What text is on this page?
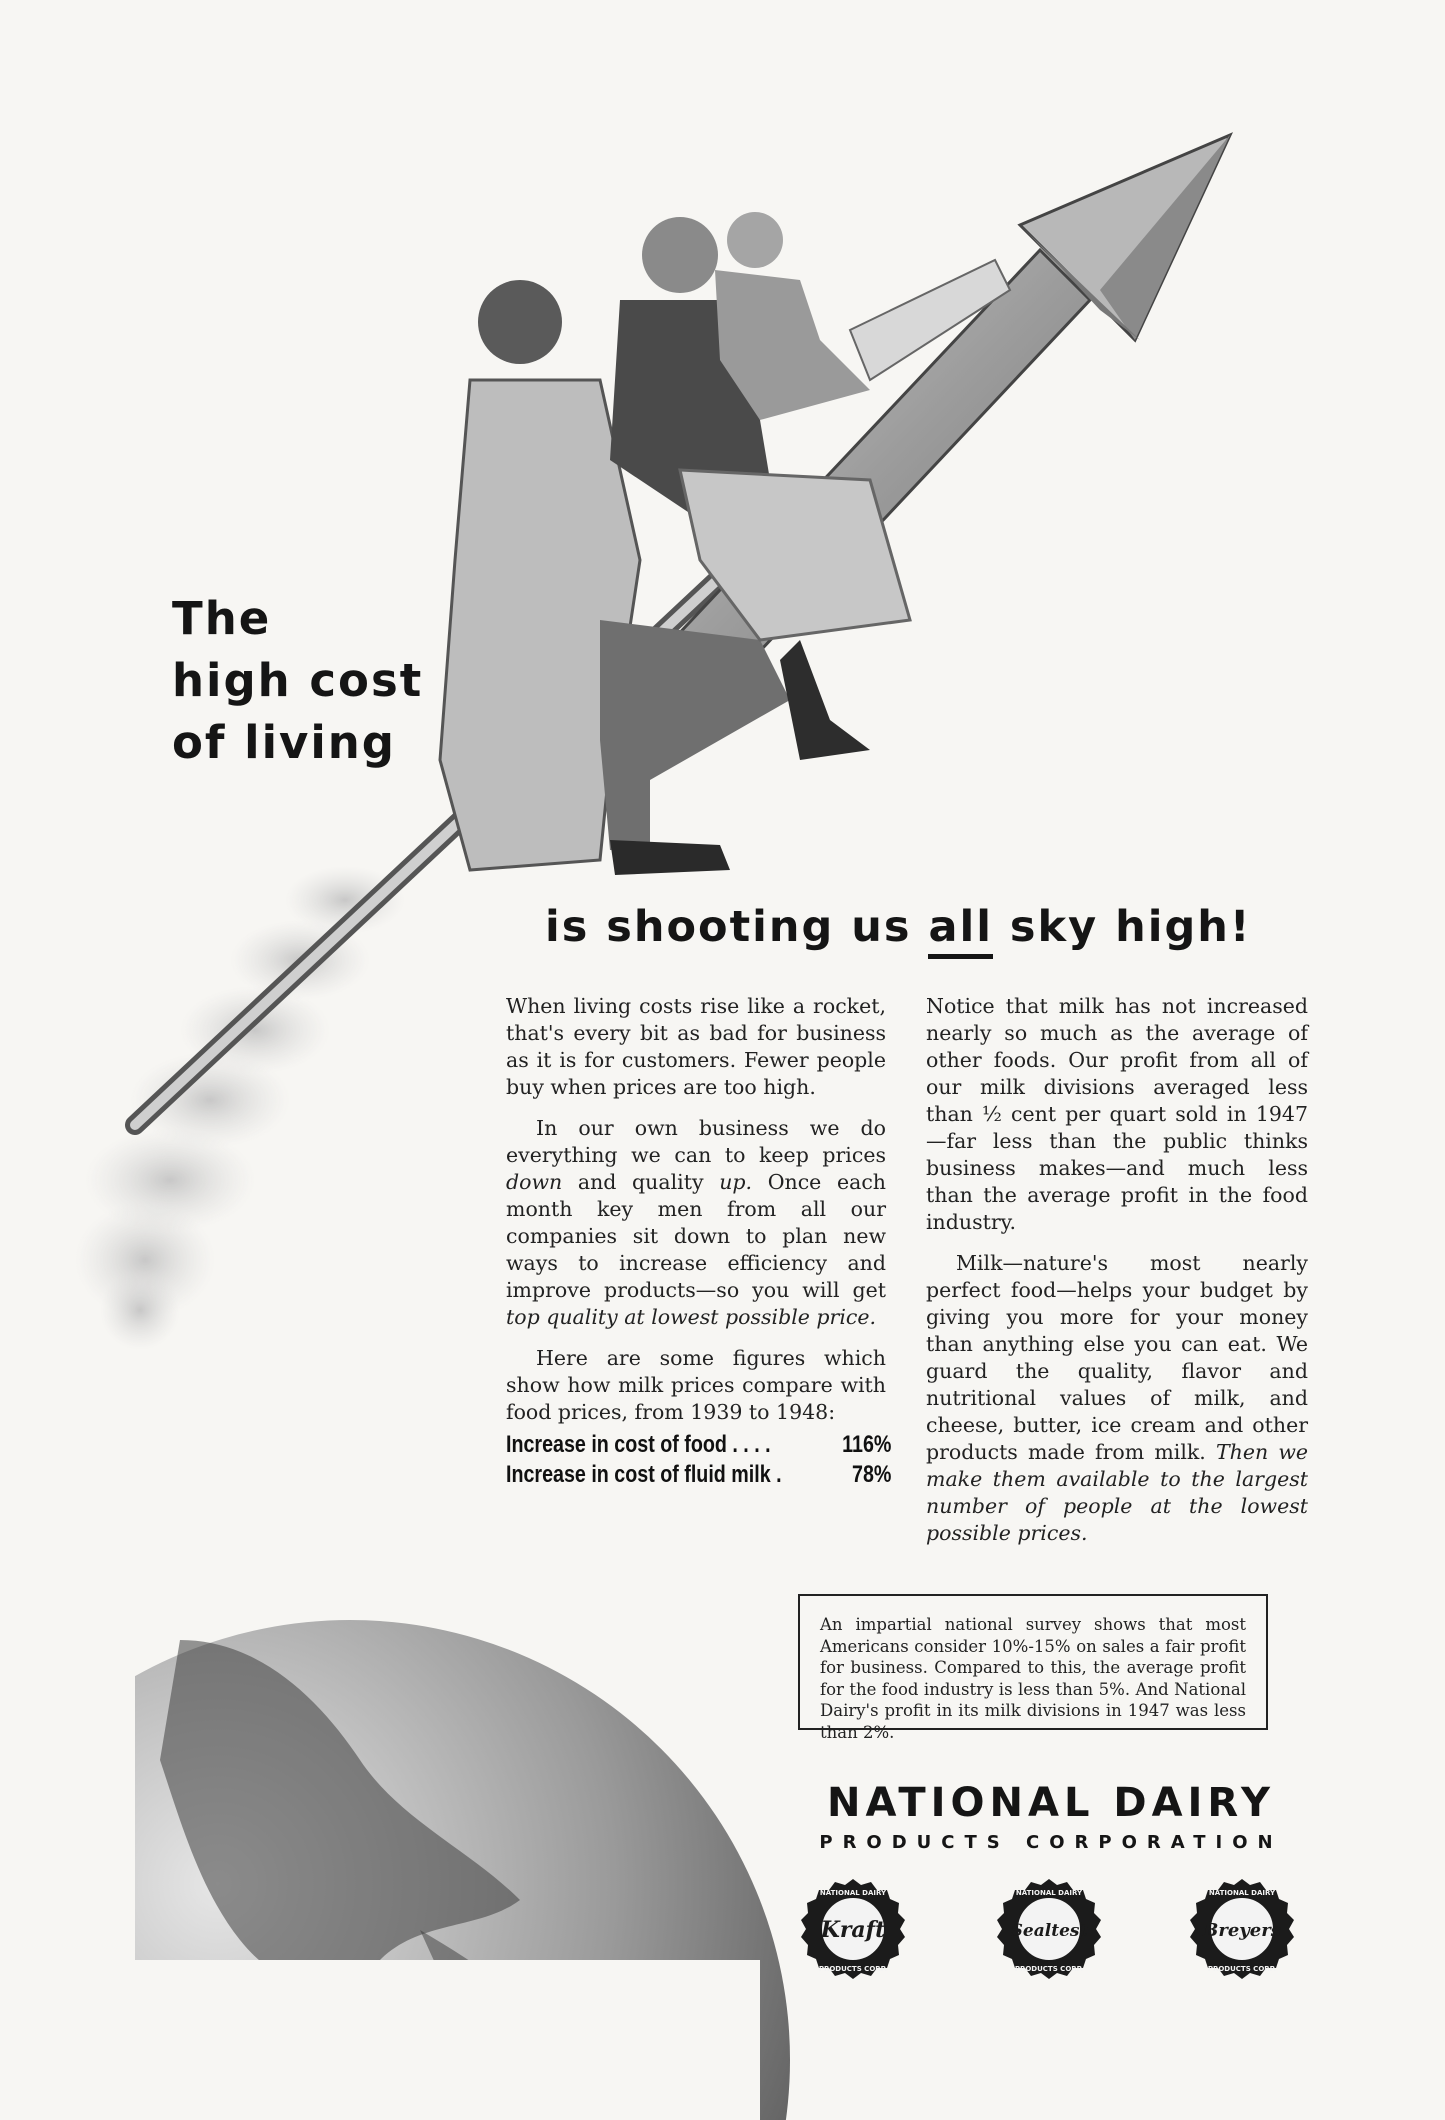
The
high cost
of living
is shooting us all sky high!

When living costs rise like a rocket, that's every bit as bad for business as it is for customers. Fewer people buy when prices are too high.

In our own business we do everything we can to keep prices down and quality up. Once each month key men from all our companies sit down to plan new ways to increase efficiency and improve products—so you will get top quality at lowest possible price.

Here are some figures which show how milk prices compare with food prices, from 1939 to 1948:

Increase in cost of food . . . .	116%
Increase in cost of fluid milk .	78%

Notice that milk has not increased nearly so much as the average of other foods. Our profit from all of our milk divisions averaged less than ½ cent per quart sold in 1947—far less than the public thinks business makes—and much less than the average profit in the food industry.

Milk—nature's most nearly perfect food—helps your budget by giving you more for your money than anything else you can eat. We guard the quality, flavor and nutritional values of milk, and cheese, butter, ice cream and other products made from milk. Then we make them available to the largest number of people at the lowest possible prices.

An impartial national survey shows that most Americans consider 10%-15% on sales a fair profit for business. Compared to this, the average profit for the food industry is less than 5%. And National Dairy's profit in its milk divisions in 1947 was less than 2%.
NATIONAL DAIRY
PRODUCTS CORPORATION
Kraft
NATIONAL DAIRY
PRODUCTS CORP.
Sealtest
NATIONAL DAIRY
PRODUCTS CORP.
Breyers
NATIONAL DAIRY
PRODUCTS CORP.
